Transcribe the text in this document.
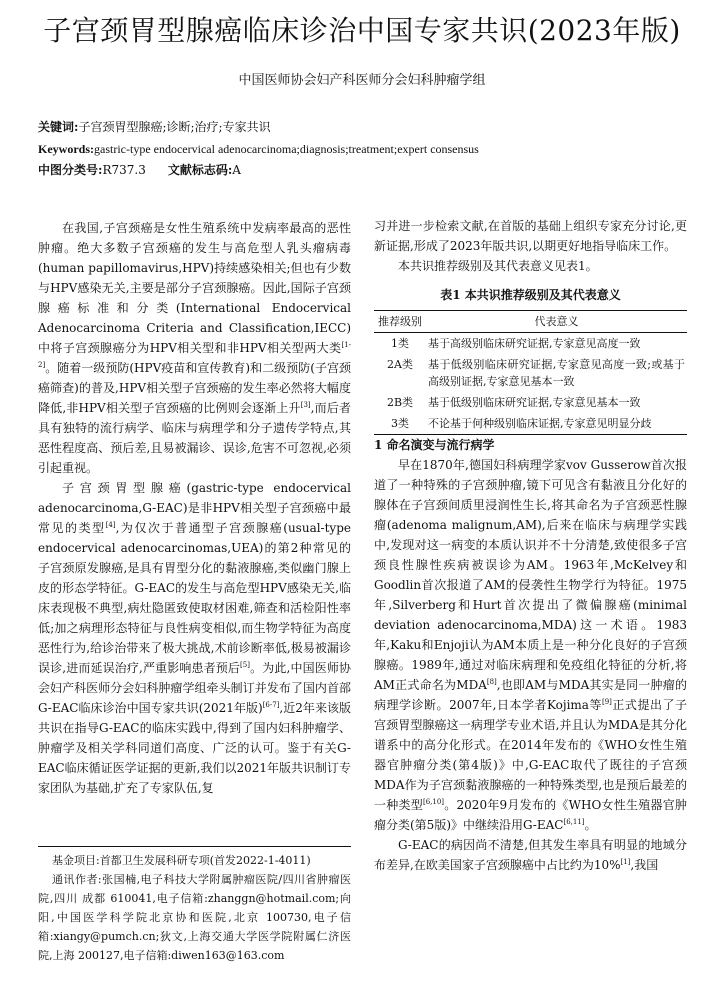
子宫颈胃型腺癌临床诊治中国专家共识(2023年版)
中国医师协会妇产科医师分会妇科肿瘤学组
关键词:子宫颈胃型腺癌;诊断;治疗;专家共识
Keywords:gastric-type endocervical adenocarcinoma;diagnosis;treatment;expert consensus
中图分类号:R737.3 文献标志码:A

在我国,子宫颈癌是女性生殖系统中发病率最高的恶性肿瘤。绝大多数子宫颈癌的发生与高危型人乳头瘤病毒(human papillomavirus,HPV)持续感染相关;但也有少数与HPV感染无关,主要是部分子宫颈腺癌。因此,国际子宫颈腺癌标准和分类(International Endocervical Adenocarcinoma Criteria and Classification,IECC)中将子宫颈腺癌分为HPV相关型和非HPV相关型两大类[1-2]。随着一级预防(HPV疫苗和宣传教育)和二级预防(子宫颈癌筛查)的普及,HPV相关型子宫颈癌的发生率必然将大幅度降低,非HPV相关型子宫颈癌的比例则会逐渐上升[3],而后者具有独特的流行病学、临床与病理学和分子遗传学特点,其恶性程度高、预后差,且易被漏诊、误诊,危害不可忽视,必须引起重视。

子宫颈胃型腺癌(gastric-type endocervical adenocarcinoma,G-EAC)是非HPV相关型子宫颈癌中最常见的类型[4],为仅次于普通型子宫颈腺癌(usual-type endocervical adenocarcinomas,UEA)的第2种常见的子宫颈原发腺癌,是具有胃型分化的黏液腺癌,类似幽门腺上皮的形态学特征。G-EAC的发生与高危型HPV感染无关,临床表现极不典型,病灶隐匿致使取材困难,筛查和活检阳性率低;加之病理形态特征与良性病变相似,而生物学特征为高度恶性行为,给诊治带来了极大挑战,术前诊断率低,极易被漏诊误诊,进而延误治疗,严重影响患者预后[5]。为此,中国医师协会妇产科医师分会妇科肿瘤学组牵头制订并发布了国内首部G-EAC临床诊治中国专家共识(2021年版)[6-7],近2年来该版共识在指导G-EAC的临床实践中,得到了国内妇科肿瘤学、肿瘤学及相关学科同道们高度、广泛的认可。鉴于有关G-EAC临床循证医学证据的更新,我们以2021年版共识制订专家团队为基础,扩充了专家队伍,复

习并进一步检索文献,在首版的基础上组织专家充分讨论,更新证据,形成了2023年版共识,以期更好地指导临床工作。

本共识推荐级别及其代表意义见表1。

表1 本共识推荐级别及其代表意义
推荐级别	代表意义
1类	基于高级别临床研究证据,专家意见高度一致
2A类	基于低级别临床研究证据,专家意见高度一致;或基于高级别证据,专家意见基本一致
2B类	基于低级别临床研究证据,专家意见基本一致
3类	不论基于何种级别临床证据,专家意见明显分歧

1 命名演变与流行病学

早在1870年,德国妇科病理学家vov Gusserow首次报道了一种特殊的子宫颈肿瘤,镜下可见含有黏液且分化好的腺体在子宫颈间质里浸润性生长,将其命名为子宫颈恶性腺瘤(adenoma malignum,AM),后来在临床与病理学实践中,发现对这一病变的本质认识并不十分清楚,致使很多子宫颈良性腺性疾病被误诊为AM。1963年,McKelvey和Goodlin首次报道了AM的侵袭性生物学行为特征。1975年,Silverberg和Hurt首次提出了微偏腺癌(minimal deviation adenocarcinoma,MDA)这一术语。1983年,Kaku和Enjoji认为AM本质上是一种分化良好的子宫颈腺癌。1989年,通过对临床病理和免疫组化特征的分析,将AM正式命名为MDA[8],也即AM与MDA其实是同一肿瘤的病理学诊断。2007年,日本学者Kojima等[9]正式提出了子宫颈胃型腺癌这一病理学专业术语,并且认为MDA是其分化谱系中的高分化形式。在2014年发布的《WHO女性生殖器官肿瘤分类(第4版)》中,G-EAC取代了既往的子宫颈MDA作为子宫颈黏液腺癌的一种特殊类型,也是预后最差的一种类型[6,10]。2020年9月发布的《WHO女性生殖器官肿瘤分类(第5版)》中继续沿用G-EAC[6,11]。

G-EAC的病因尚不清楚,但其发生率具有明显的地域分布差异,在欧美国家子宫颈腺癌中占比约为10%[1],我国

基金项目:首都卫生发展科研专项(首发2022-1-4011)

通讯作者:张国楠,电子科技大学附属肿瘤医院/四川省肿瘤医院,四川 成都 610041,电子信箱:zhanggn@hotmail.com;向阳,中国医学科学院北京协和医院,北京 100730,电子信箱:xiangy@pumch.cn;狄文,上海交通大学医学院附属仁济医院,上海 200127,电子信箱:diwen163@163.com
